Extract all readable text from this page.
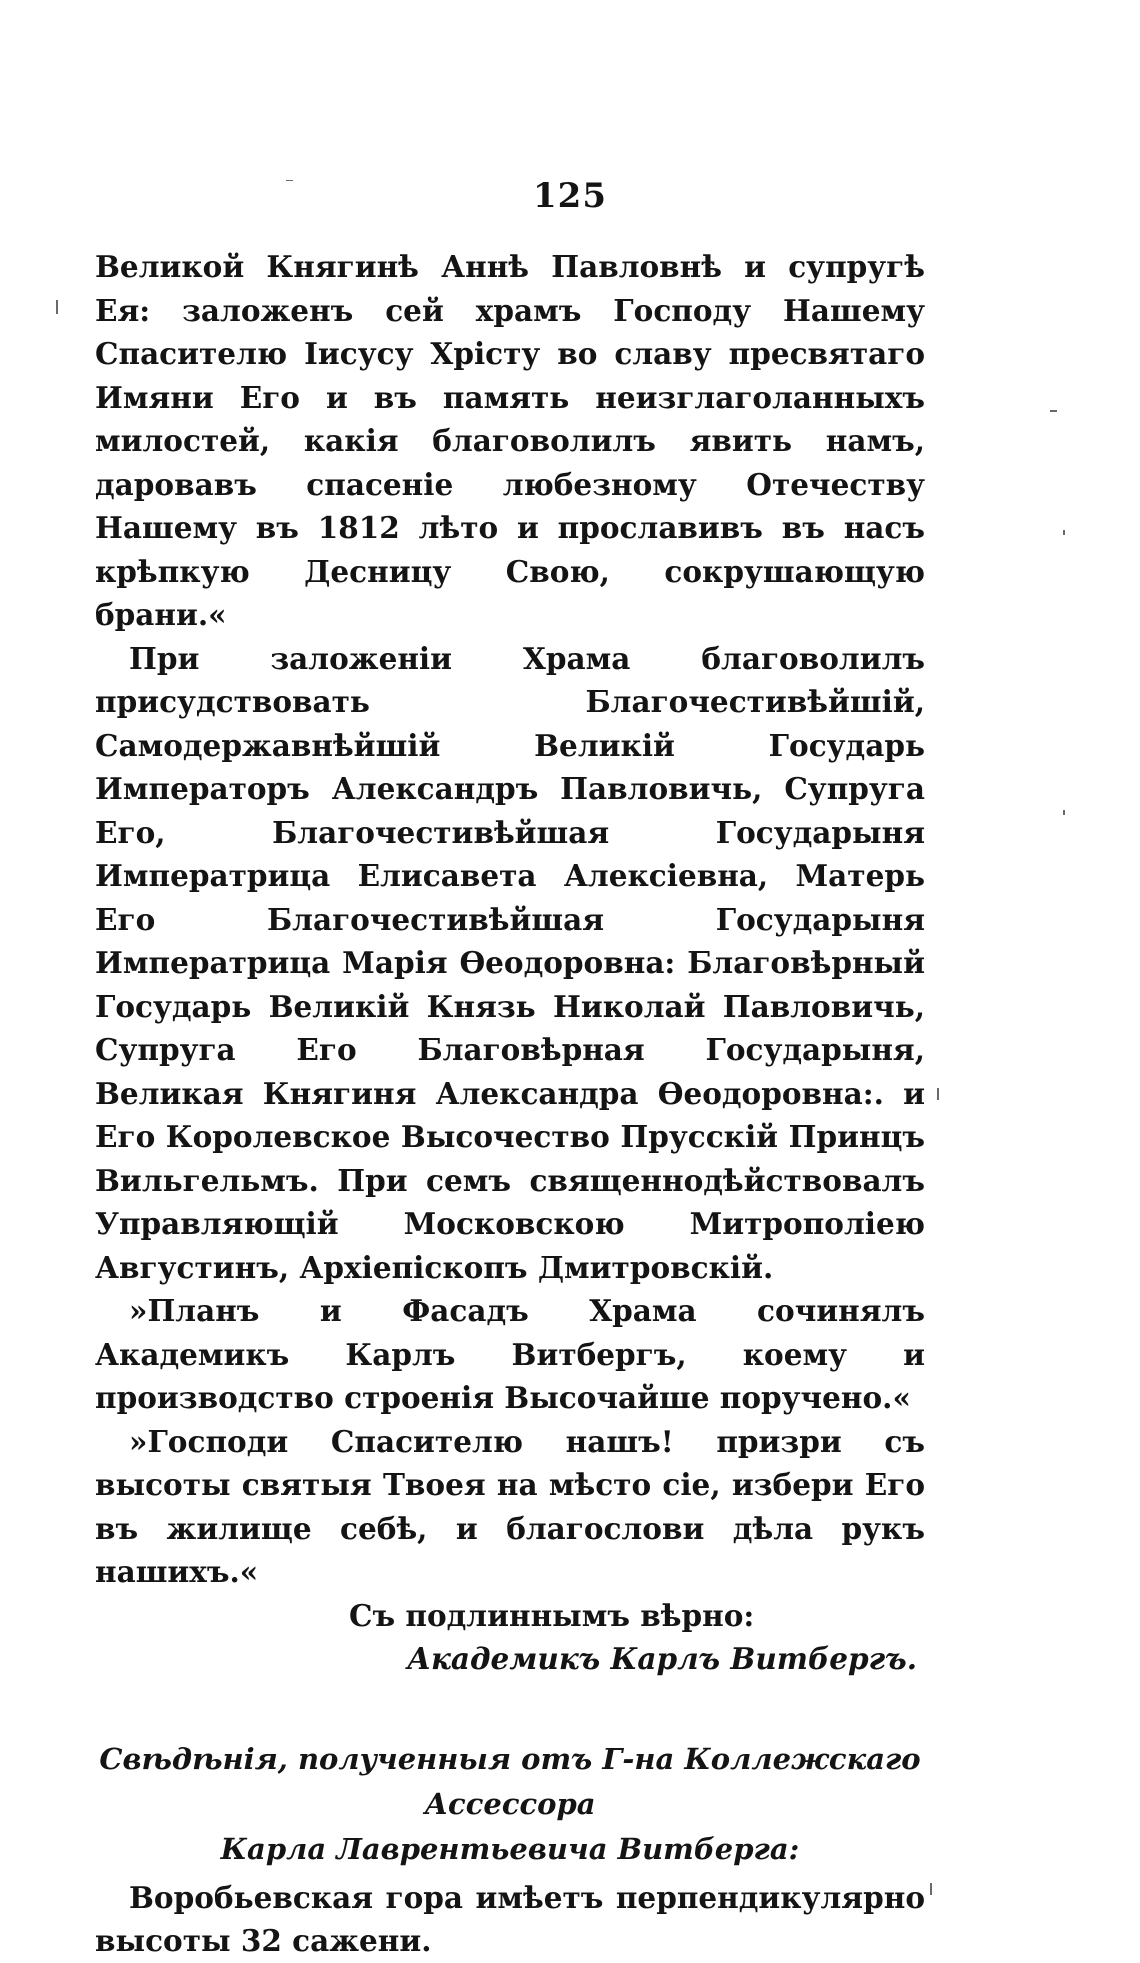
125

Великой Княгинѣ Аннѣ Павловнѣ и супругѣ Ея: заложенъ сей храмъ Господу Нашему Спасителю Іисусу Хрісту во славу пресвятаго Имяни Его и въ память неизглаголанныхъ милостей, какія благоволилъ явить намъ, даровавъ спасеніе любезному Отечеству Нашему въ 1812 лѣто и прославивъ въ насъ крѣпкую Десницу Свою, сокрушающую брани.«

При заложеніи Храма благоволилъ присудствовать Благочестивѣйшій, Самодержавнѣйшій Великій Государь Императоръ Александръ Павловичь, Супруга Его, Благочестивѣйшая Государыня Императрица Елисавета Алексіевна, Матерь Его Благочестивѣйшая Государыня Императрица Марія Ѳеодоровна: Благовѣрный Государь Великій Князь Николай Павловичь, Супруга Его Благовѣрная Государыня, Великая Княгиня Александра Ѳеодоровна:. и Его Королевское Высочество Прусскій Принцъ Вильгельмъ. При семъ священнодѣйствовалъ Управляющій Московскою Митрополіею Августинъ, Архіепіскопъ Дмитровскій.

»Планъ и Фасадъ Храма сочинялъ Академикъ Карлъ Витбергъ, коему и производство строенія Высочайше поручено.«

»Господи Спасителю нашъ! призри съ высоты святыя Твоея на мѣсто сіе, избери Его въ жилище себѣ, и благослови дѣла рукъ нашихъ.«

Съ подлиннымъ вѣрно:

Академикъ Карлъ Витбергъ.

Свѣдѣнія, полученныя отъ Г-на Коллежскаго Ассессора
Карла Лаврентьевича Витберга:

Воробьевская гора имѣетъ перпендикулярно высоты 32 сажени.
